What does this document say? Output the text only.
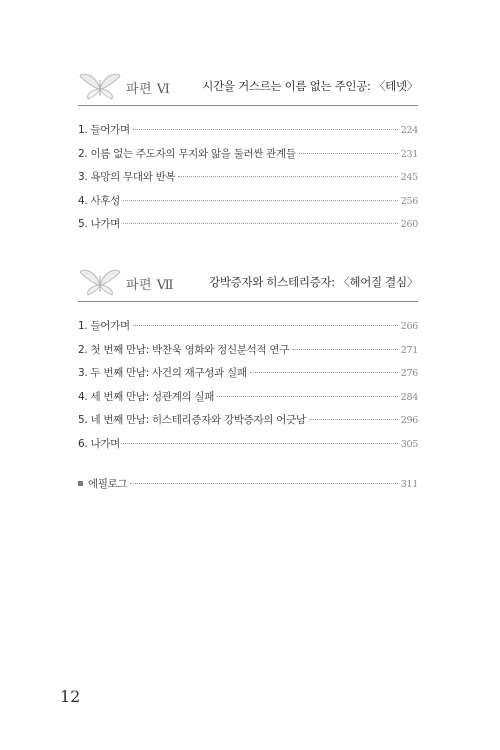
파편 Ⅵ	시간을 거스르는 이름 없는 주인공: 〈테넷〉
1. 들어가며	224
2. 이름 없는 주도자의 무지와 앎을 둘러싼 관계들	231
3. 욕망의 무대와 반복	245
4. 사후성	256
5. 나가며	260
파편 Ⅶ	강박증자와 히스테리증자: 〈헤어질 결심〉
1. 들어가며	266
2. 첫 번째 만남: 박찬욱 영화와 정신분석적 연구	271
3. 두 번째 만남: 사건의 재구성과 실패	276
4. 세 번째 만남: 성관계의 실패	284
5. 네 번째 만남: 히스테리증자와 강박증자의 어긋남	296
6. 나가며	305
에필로그	311
12
